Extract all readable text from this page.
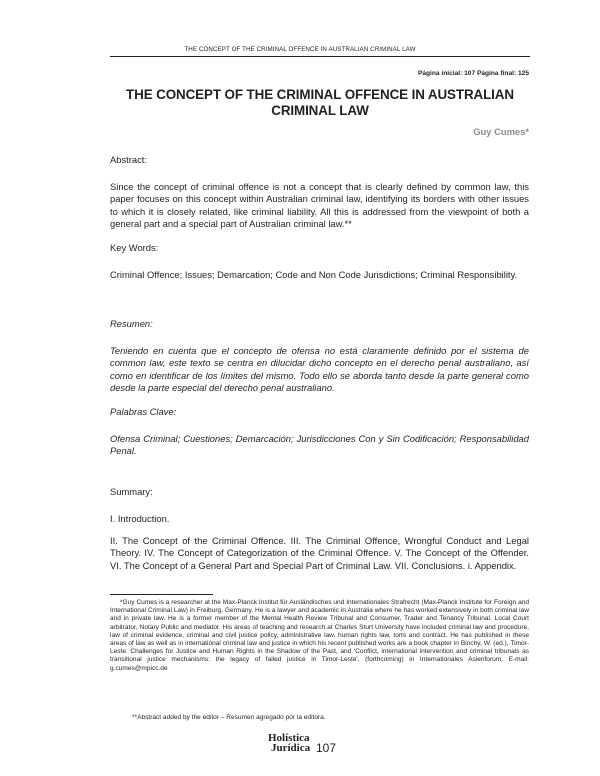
THE CONCEPT OF THE CRIMINAL OFFENCE IN AUSTRALIAN CRIMINAL LAW
Página inicial: 107 Página final: 125
THE CONCEPT OF THE CRIMINAL OFFENCE IN AUSTRALIAN
CRIMINAL LAW
Guy Cumes*
Abstract:
Since the concept of criminal offence is not a concept that is clearly defined by common law, this paper focuses on this concept within Australian criminal law, identifying its borders with other issues to which it is closely related, like criminal liability. All this is addressed from the viewpoint of both a general part and a special part of Australian criminal law.**
Key Words:
Criminal Offence; Issues; Demarcation; Code and Non Code Jurisdictions; Criminal Responsibility.
Resumen:
Teniendo en cuenta que el concepto de ofensa no está claramente definido por el sistema de common law, este texto se centra en dilucidar dicho concepto en el derecho penal australiano, así como en identificar de los límites del mismo. Todo ello se aborda tanto desde la parte general como desde la parte especial del derecho penal australiano.
Palabras Clave:
Ofensa Criminal; Cuestiones; Demarcación; Jurisdicciones Con y Sin Codificación; Responsabilidad Penal.
Summary:
I. Introduction.
II. The Concept of the Criminal Offence. III. The Criminal Offence, Wrongful Conduct and Legal Theory. IV. The Concept of Categorization of the Criminal Offence. V. The Concept of the Offender. VI. The Concept of a General Part and Special Part of Criminal Law. VII. Conclusions. i. Appendix.
*Guy Cumes is a researcher at the Max-Planck Institut für Ausländisches und Internationales Strafrecht (Max-Planck Institute for Foreign and International Criminal Law) in Freiburg, Germany. He is a lawyer and academic in Australia where he has worked extensively in both criminal law and in private law. He is a former member of the Mental Health Review Tribunal and Consumer, Trader and Tenancy Tribunal, Local Court arbitrator, Notary Public and mediator. His areas of teaching and research at Charles Sturt University have included criminal law and procedure, law of criminal evidence, criminal and civil justice policy, administrative law, human rights law, torts and contract. He has published in these areas of law as well as in international criminal law and justice in which his recent published works are a book chapter in Binchy, W. (ed.), Timor-Leste: Challenges for Justice and Human Rights in the Shadow of the Past, and 'Conflict, international intervention and criminal tribunals as transitional justice mechanisms: the legacy of failed justice in Timor-Leste', (forthcoming) in Internationales Asienforum. E-mail: g.cumes@mpicc.de
**Abstract added by the editor – Resumen agregado por la editora.
Holística
Jurídica 107
